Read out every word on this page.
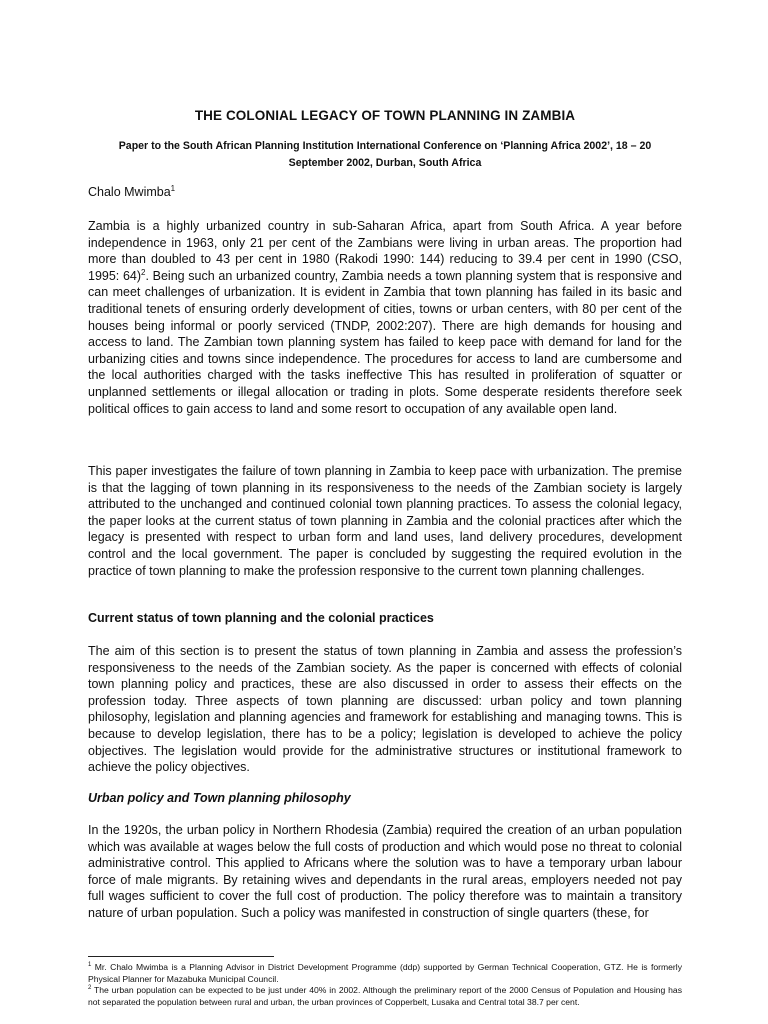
THE COLONIAL LEGACY OF TOWN PLANNING IN ZAMBIA
Paper to the South African Planning Institution International Conference on ‘Planning Africa 2002’, 18 – 20
September 2002, Durban, South Africa

Chalo Mwimba$^1$

Zambia is a highly urbanized country in sub-Saharan Africa, apart from South Africa. A year before independence in 1963, only 21 per cent of the Zambians were living in urban areas. The proportion had more than doubled to 43 per cent in 1980 (Rakodi 1990: 144) reducing to 39.4 per cent in 1990 (CSO, 1995: 64)$^2$. Being such an urbanized country, Zambia needs a town planning system that is responsive and can meet challenges of urbanization. It is evident in Zambia that town planning has failed in its basic and traditional tenets of ensuring orderly development of cities, towns or urban centers, with 80 per cent of the houses being informal or poorly serviced (TNDP, 2002:207). There are high demands for housing and access to land. The Zambian town planning system has failed to keep pace with demand for land for the urbanizing cities and towns since independence. The procedures for access to land are cumbersome and the local authorities charged with the tasks ineffective This has resulted in proliferation of squatter or unplanned settlements or illegal allocation or trading in plots. Some desperate residents therefore seek political offices to gain access to land and some resort to occupation of any available open land.

This paper investigates the failure of town planning in Zambia to keep pace with urbanization. The premise is that the lagging of town planning in its responsiveness to the needs of the Zambian society is largely attributed to the unchanged and continued colonial town planning practices. To assess the colonial legacy, the paper looks at the current status of town planning in Zambia and the colonial practices after which the legacy is presented with respect to urban form and land uses, land delivery procedures, development control and the local government. The paper is concluded by suggesting the required evolution in the practice of town planning to make the profession responsive to the current town planning challenges.

Current status of town planning and the colonial practices

The aim of this section is to present the status of town planning in Zambia and assess the profession’s responsiveness to the needs of the Zambian society. As the paper is concerned with effects of colonial town planning policy and practices, these are also discussed in order to assess their effects on the profession today. Three aspects of town planning are discussed: urban policy and town planning philosophy, legislation and planning agencies and framework for establishing and managing towns. This is because to develop legislation, there has to be a policy; legislation is developed to achieve the policy objectives. The legislation would provide for the administrative structures or institutional framework to achieve the policy objectives.

Urban policy and Town planning philosophy

In the 1920s, the urban policy in Northern Rhodesia (Zambia) required the creation of an urban population which was available at wages below the full costs of production and which would pose no threat to colonial administrative control. This applied to Africans where the solution was to have a temporary urban labour force of male migrants. By retaining wives and dependants in the rural areas, employers needed not pay full wages sufficient to cover the full cost of production. The policy therefore was to maintain a transitory nature of urban population. Such a policy was manifested in construction of single quarters (these, for

$^1$ Mr. Chalo Mwimba is a Planning Advisor in District Development Programme (ddp) supported by German Technical Cooperation, GTZ. He is formerly Physical Planner for Mazabuka Municipal Council.

$^2$ The urban population can be expected to be just under 40% in 2002. Although the preliminary report of the 2000 Census of Population and Housing has not separated the population between rural and urban, the urban provinces of Copperbelt, Lusaka and Central total 38.7 per cent.
